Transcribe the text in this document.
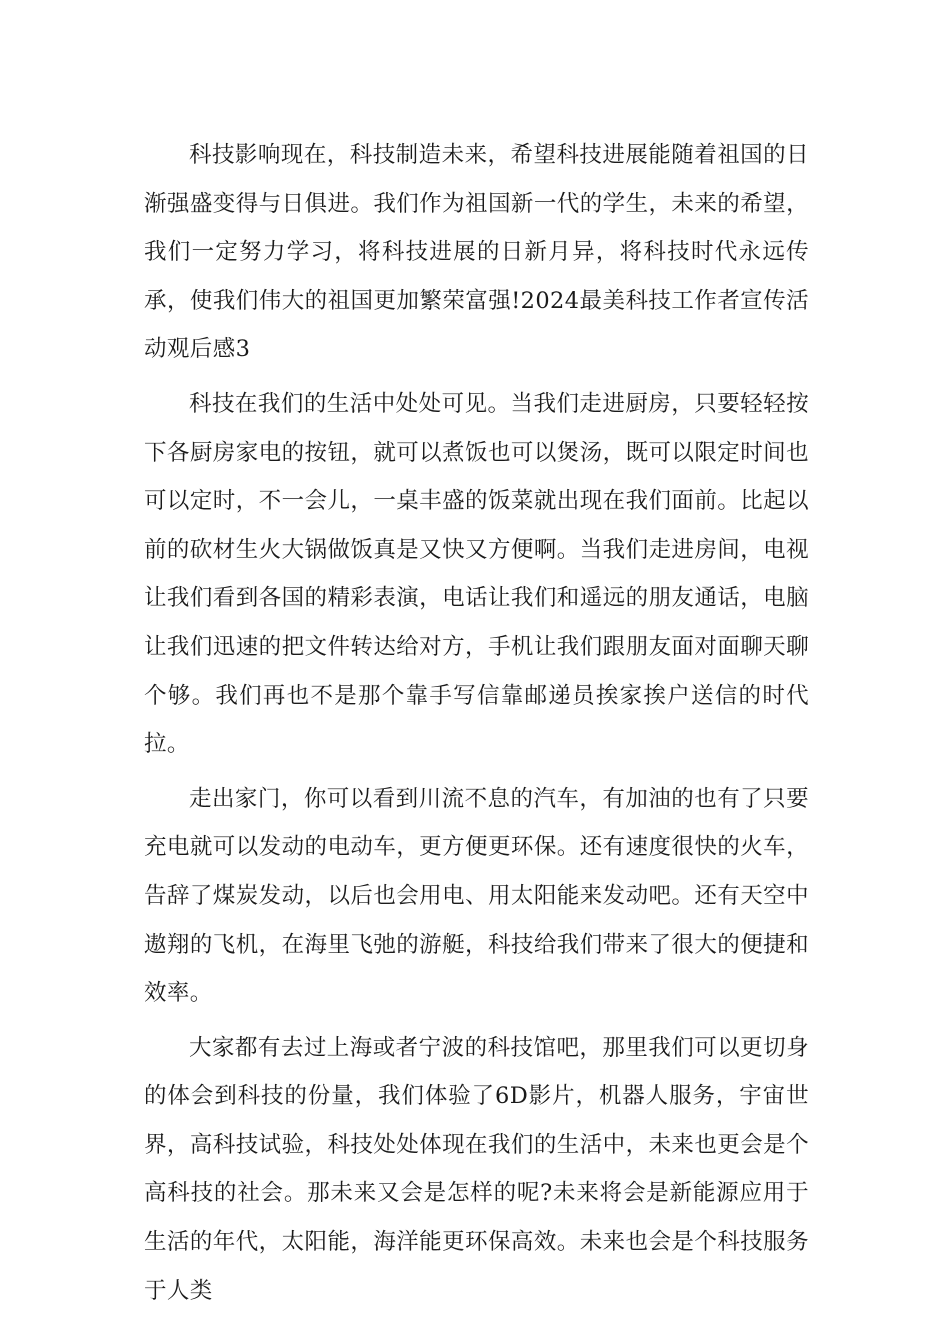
科技影响现在，科技制造未来，希望科技进展能随着祖国的日渐强盛变得与日俱进。我们作为祖国新一代的学生，未来的希望，我们一定努力学习，将科技进展的日新月异，将科技时代永远传承，使我们伟大的祖国更加繁荣富强!2024最美科技工作者宣传活动观后感3

科技在我们的生活中处处可见。当我们走进厨房，只要轻轻按下各厨房家电的按钮，就可以煮饭也可以煲汤，既可以限定时间也可以定时，不一会儿，一桌丰盛的饭菜就出现在我们面前。比起以前的砍材生火大锅做饭真是又快又方便啊。当我们走进房间，电视让我们看到各国的精彩表演，电话让我们和遥远的朋友通话，电脑让我们迅速的把文件转达给对方，手机让我们跟朋友面对面聊天聊个够。我们再也不是那个靠手写信靠邮递员挨家挨户送信的时代拉。

走出家门，你可以看到川流不息的汽车，有加油的也有了只要充电就可以发动的电动车，更方便更环保。还有速度很快的火车，告辞了煤炭发动，以后也会用电、用太阳能来发动吧。还有天空中遨翔的飞机，在海里飞弛的游艇，科技给我们带来了很大的便捷和效率。

大家都有去过上海或者宁波的科技馆吧，那里我们可以更切身的体会到科技的份量，我们体验了6D影片，机器人服务，宇宙世界，高科技试验，科技处处体现在我们的生活中，未来也更会是个高科技的社会。那未来又会是怎样的呢?未来将会是新能源应用于生活的年代，太阳能，海洋能更环保高效。未来也会是个科技服务于人类
